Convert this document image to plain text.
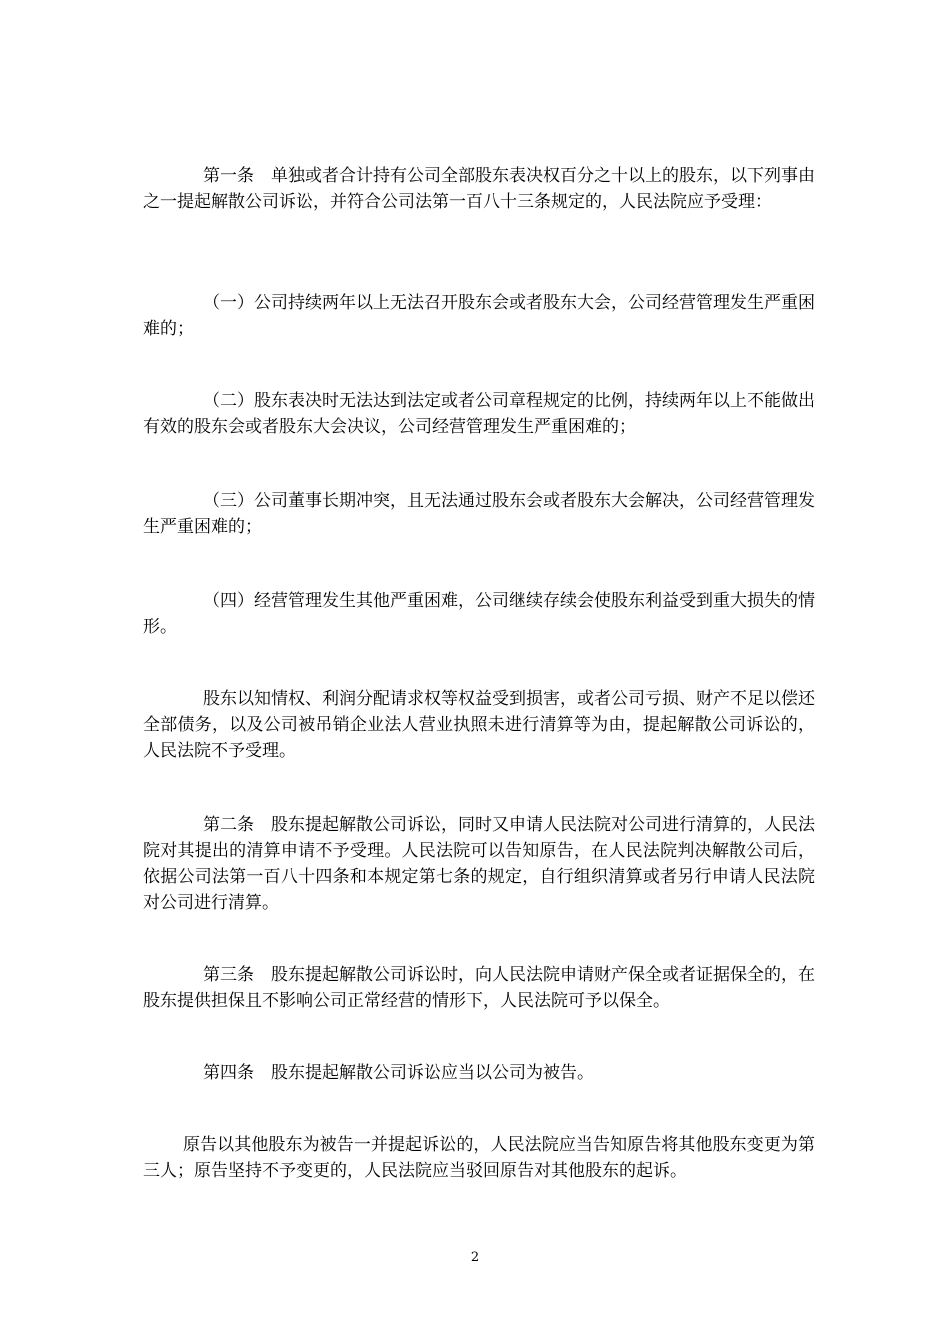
第一条　单独或者合计持有公司全部股东表决权百分之十以上的股东，以下列事由之一提起解散公司诉讼，并符合公司法第一百八十三条规定的，人民法院应予受理：

（一）公司持续两年以上无法召开股东会或者股东大会，公司经营管理发生严重困难的；

（二）股东表决时无法达到法定或者公司章程规定的比例，持续两年以上不能做出有效的股东会或者股东大会决议，公司经营管理发生严重困难的；

（三）公司董事长期冲突，且无法通过股东会或者股东大会解决，公司经营管理发生严重困难的；

（四）经营管理发生其他严重困难，公司继续存续会使股东利益受到重大损失的情形。

股东以知情权、利润分配请求权等权益受到损害，或者公司亏损、财产不足以偿还全部债务，以及公司被吊销企业法人营业执照未进行清算等为由，提起解散公司诉讼的，人民法院不予受理。

第二条　股东提起解散公司诉讼，同时又申请人民法院对公司进行清算的，人民法院对其提出的清算申请不予受理。人民法院可以告知原告，在人民法院判决解散公司后，依据公司法第一百八十四条和本规定第七条的规定，自行组织清算或者另行申请人民法院对公司进行清算。

第三条　股东提起解散公司诉讼时，向人民法院申请财产保全或者证据保全的，在股东提供担保且不影响公司正常经营的情形下，人民法院可予以保全。

第四条　股东提起解散公司诉讼应当以公司为被告。

原告以其他股东为被告一并提起诉讼的，人民法院应当告知原告将其他股东变更为第三人；原告坚持不予变更的，人民法院应当驳回原告对其他股东的起诉。

2
